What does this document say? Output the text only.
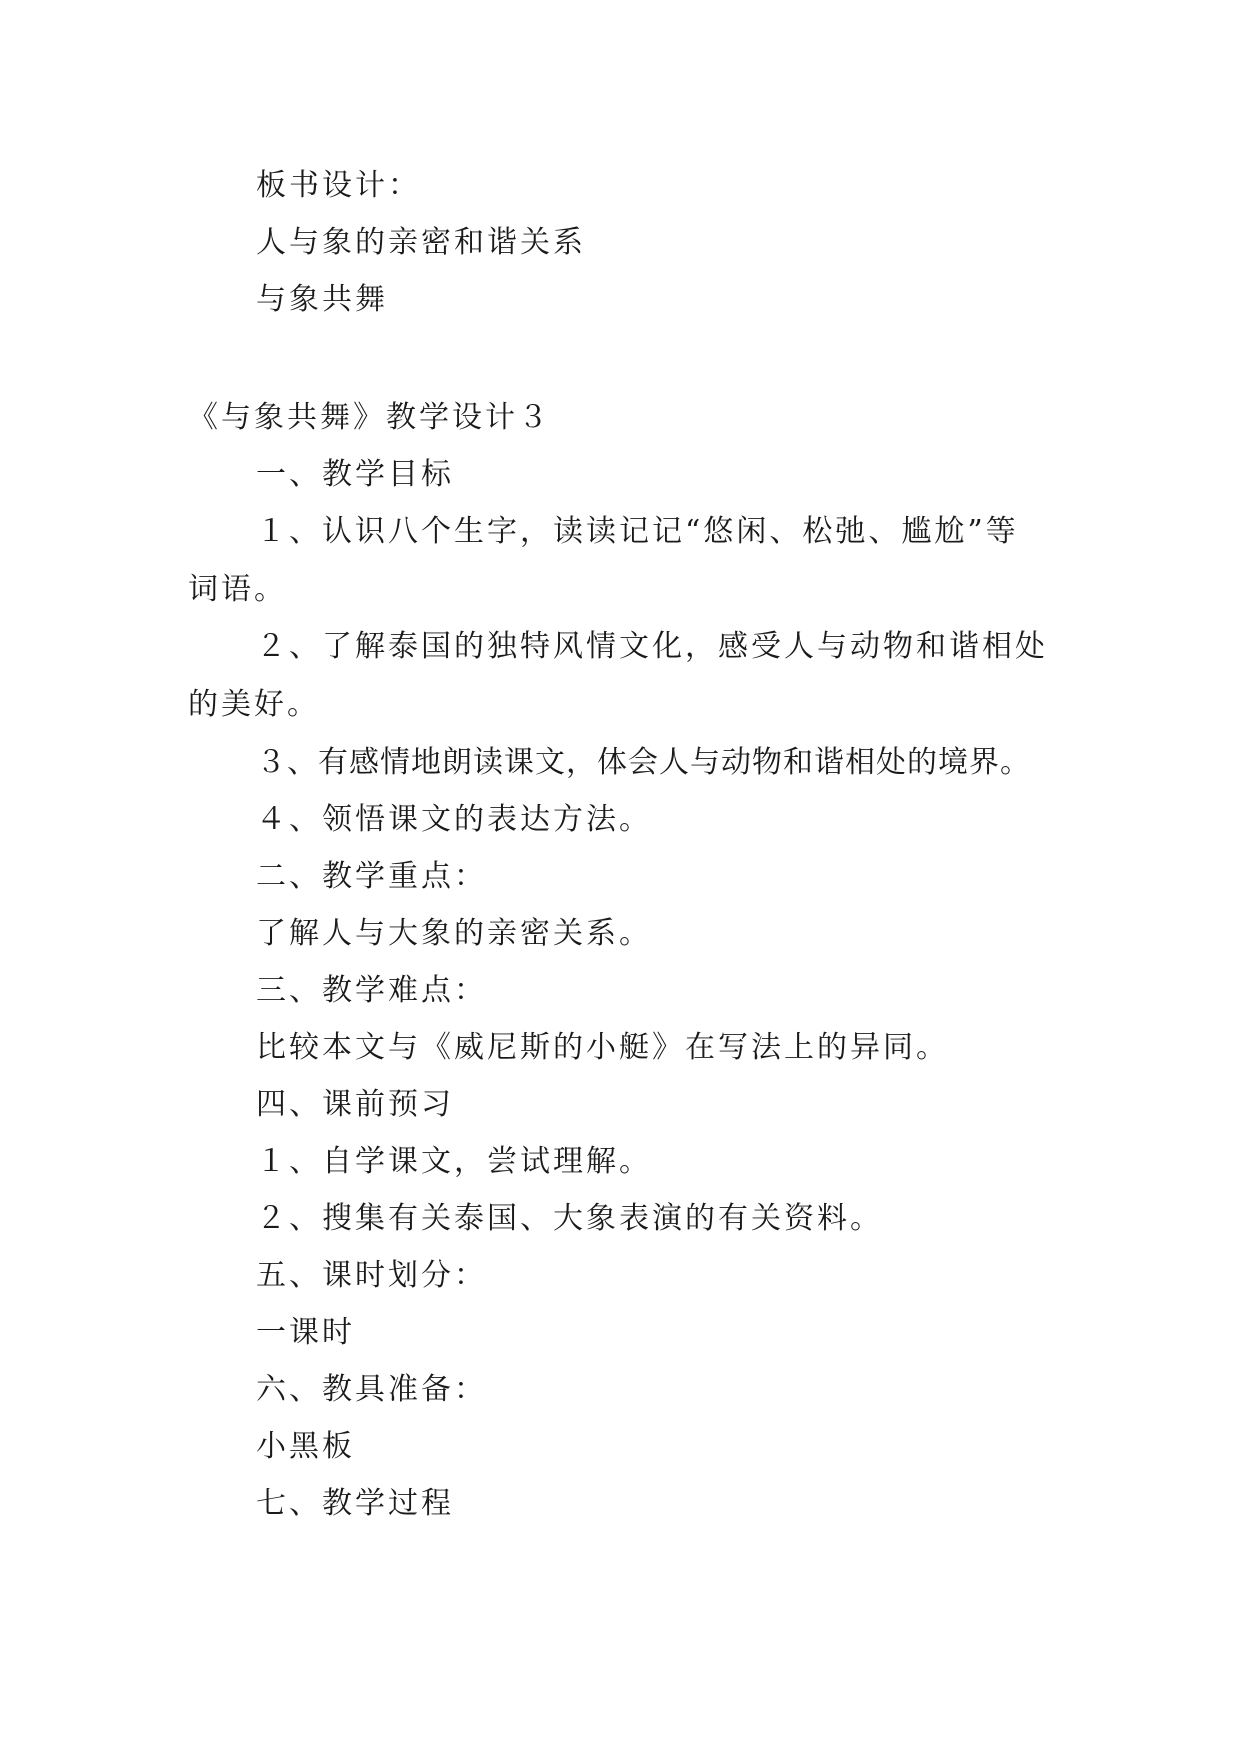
板书设计：
人与象的亲密和谐关系
与象共舞
《与象共舞》教学设计３
一、教学目标
１、认识八个生字，读读记记“悠闲、松弛、尴尬”等
词语。
２、了解泰国的独特风情文化，感受人与动物和谐相处
的美好。
３、有感情地朗读课文，体会人与动物和谐相处的境界。
４、领悟课文的表达方法。
二、教学重点：
了解人与大象的亲密关系。
三、教学难点：
比较本文与《威尼斯的小艇》在写法上的异同。
四、课前预习
１、自学课文，尝试理解。
２、搜集有关泰国、大象表演的有关资料。
五、课时划分：
一课时
六、教具准备：
小黑板
七、教学过程
